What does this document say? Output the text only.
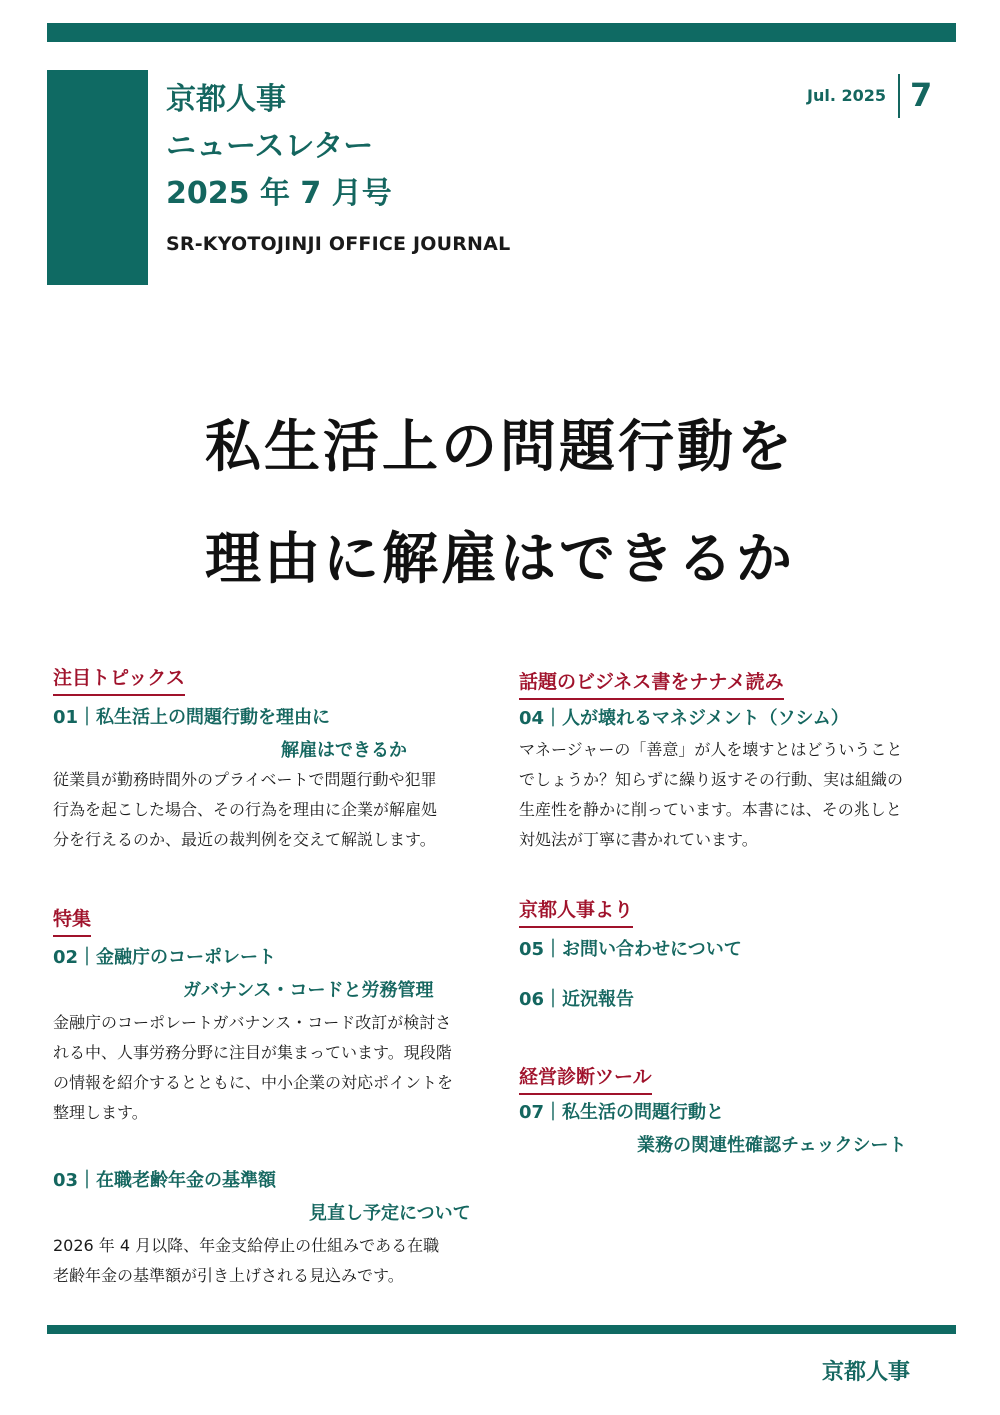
京都人事
ニュースレター
2025 年 7 月号
SR-KYOTOJINJI OFFICE JOURNAL
Jul. 2025 7
私生活上の問題行動を
理由に解雇はできるか
注目トピックス
01｜私生活上の問題行動を理由に
解雇はできるか
従業員が勤務時間外のプライベートで問題行動や犯罪
行為を起こした場合、その行為を理由に企業が解雇処
分を行えるのか、最近の裁判例を交えて解説します。
特集
02｜金融庁のコーポレート
ガバナンス・コードと労務管理
金融庁のコーポレートガバナンス・コード改訂が検討さ
れる中、人事労務分野に注目が集まっています。現段階
の情報を紹介するとともに、中小企業の対応ポイントを
整理します。
03｜在職老齢年金の基準額
見直し予定について
2026 年 4 月以降、年金支給停止の仕組みである在職
老齢年金の基準額が引き上げされる見込みです。
話題のビジネス書をナナメ読み
04｜人が壊れるマネジメント（ソシム）
マネージャーの「善意」が人を壊すとはどういうこと
でしょうか？知らずに繰り返すその行動、実は組織の
生産性を静かに削っています。本書には、その兆しと
対処法が丁寧に書かれています。
京都人事より
05｜お問い合わせについて
06｜近況報告
経営診断ツール
07｜私生活の問題行動と
業務の関連性確認チェックシート
京都人事
